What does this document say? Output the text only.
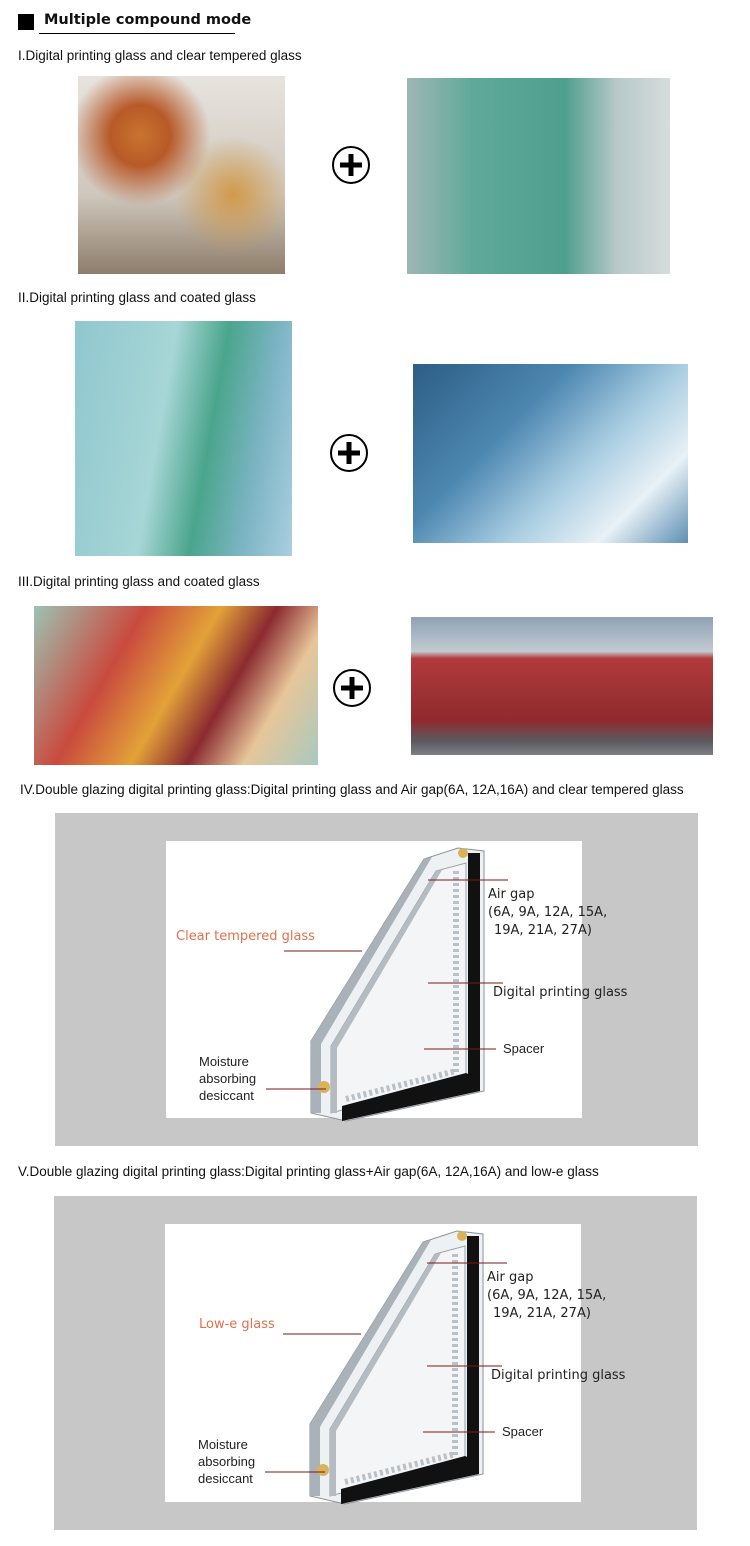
Multiple compound mode
I.Digital printing glass and clear tempered glass
II.Digital printing glass and coated glass
III.Digital printing glass and coated glass
IV.Double glazing digital printing glass:Digital printing glass and Air gap(6A, 12A,16A) and clear tempered glass
Air gap
(6A, 9A, 12A, 15A,
19A, 21A, 27A)
Clear tempered glass
Digital printing glass
Spacer
Moisture
absorbing
desiccant
V.Double glazing digital printing glass:Digital printing glass+Air gap(6A, 12A,16A) and low-e glass
Air gap
(6A, 9A, 12A, 15A,
19A, 21A, 27A)
Low-e glass
Digital printing glass
Spacer
Moisture
absorbing
desiccant
